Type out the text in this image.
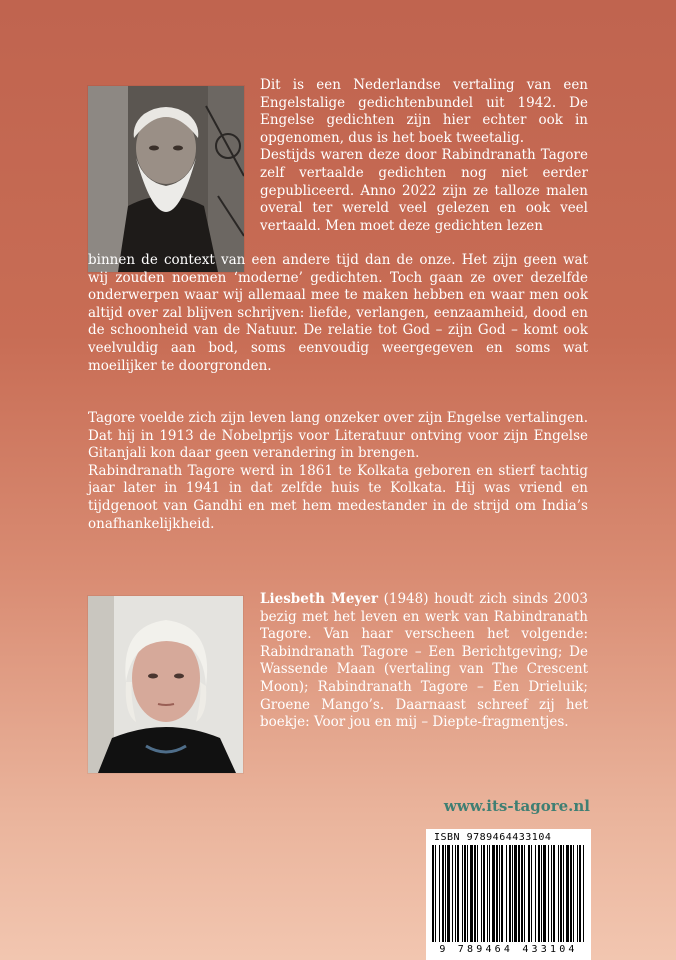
Dit is een Nederlandse vertaling van een Engelstalige gedichtenbundel uit 1942. De Engelse gedichten zijn hier echter ook in opgenomen, dus is het boek tweetalig.
Destijds waren deze door Rabindranath Tagore zelf vertaalde gedichten nog niet eerder gepubliceerd. Anno 2022 zijn ze talloze malen overal ter wereld veel gelezen en ook veel vertaald. Men moet deze gedichten lezen

binnen de context van een andere tijd dan de onze. Het zijn geen wat wij zouden noemen ‘moderne’ gedichten. Toch gaan ze over dezelfde onderwerpen waar wij allemaal mee te maken hebben en waar men ook altijd over zal blijven schrijven: liefde, verlangen, eenzaamheid, dood en de schoonheid van de Natuur. De relatie tot God – zijn God – komt ook veelvuldig aan bod, soms eenvoudig weergegeven en soms wat moeilijker te doorgronden.

Tagore voelde zich zijn leven lang onzeker over zijn Engelse vertalingen. Dat hij in 1913 de Nobelprijs voor Literatuur ontving voor zijn Engelse Gitanjali kon daar geen verandering in brengen.
Rabindranath Tagore werd in 1861 te Kolkata geboren en stierf tachtig jaar later in 1941 in dat zelfde huis te Kolkata. Hij was vriend en tijdgenoot van Gandhi en met hem medestander in de strijd om India’s onafhankelijkheid.

Liesbeth Meyer (1948) houdt zich sinds 2003 bezig met het leven en werk van Rabindranath Tagore. Van haar verscheen het volgende: Rabindranath Tagore – Een Berichtgeving; De Wassende Maan (vertaling van The Crescent Moon); Rabindranath Tagore – Een Drieluik; Groene Mango’s. Daarnaast schreef zij het boekje: Voor jou en mij – Diepte-fragmentjes.

www.its-tagore.nl
ISBN 9789464433104
9 789464 433104
